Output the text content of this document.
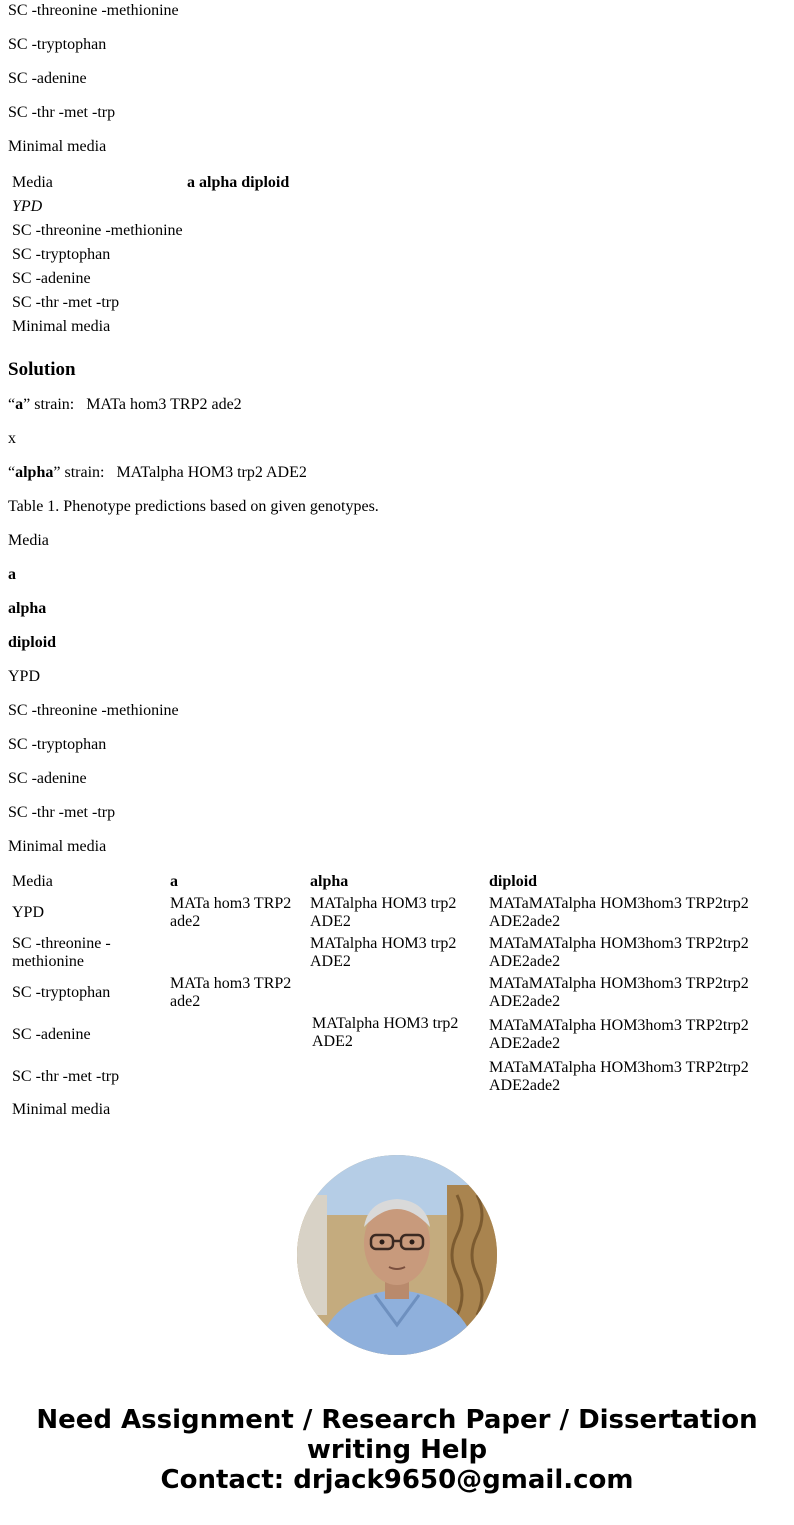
SC -threonine -methionine

SC -tryptophan

SC -adenine

SC -thr -met -trp

Minimal media

Media	a alpha diploid
YPD	
SC -threonine -methionine	
SC -tryptophan	
SC -adenine	
SC -thr -met -trp	
Minimal media	
Solution

“a” strain: MATa hom3 TRP2 ade2

x

“alpha” strain: MATalpha HOM3 trp2 ADE2

Table 1. Phenotype predictions based on given genotypes.

Media

a

alpha

diploid

YPD

SC -threonine -methionine

SC -tryptophan

SC -adenine

SC -thr -met -trp

Minimal media

Media	a	alpha	diploid
YPD	MATa hom3 TRP2 ade2	MATalpha HOM3 trp2 ADE2	MATaMATalpha HOM3hom3 TRP2trp2 ADE2ade2
SC -threonine -methionine		MATalpha HOM3 trp2 ADE2	MATaMATalpha HOM3hom3 TRP2trp2 ADE2ade2
SC -tryptophan	MATa hom3 TRP2 ade2		MATaMATalpha HOM3hom3 TRP2trp2 ADE2ade2
SC -adenine		MATalpha HOM3 trp2 ADE2	MATaMATalpha HOM3hom3 TRP2trp2 ADE2ade2
SC -thr -met -trp			MATaMATalpha HOM3hom3 TRP2trp2 ADE2ade2
Minimal media			
Need Assignment / Research Paper / Dissertation
writing Help
Contact: drjack9650@gmail.com
